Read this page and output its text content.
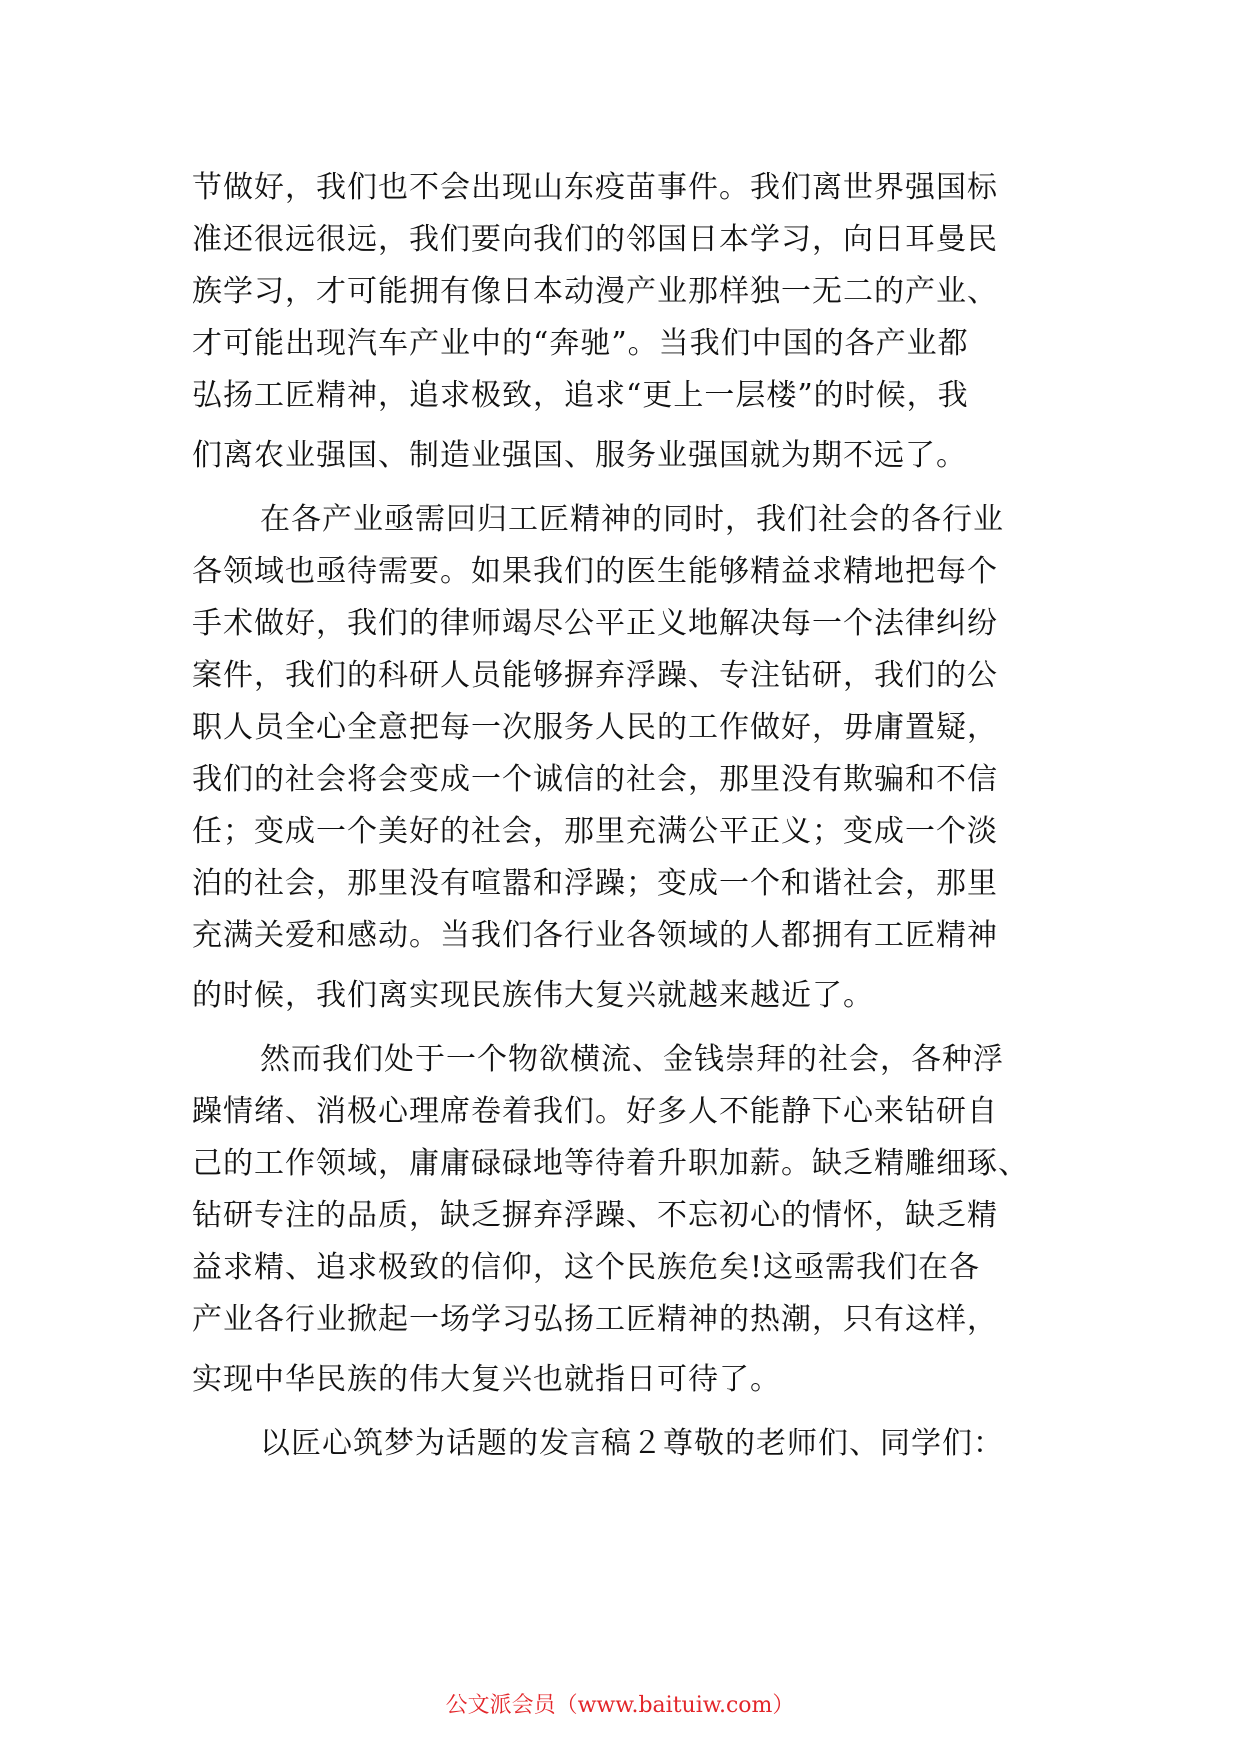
节做好，我们也不会出现山东疫苗事件。我们离世界强国标
准还很远很远，我们要向我们的邻国日本学习，向日耳曼民
族学习，才可能拥有像日本动漫产业那样独一无二的产业、
才可能出现汽车产业中的“奔驰”。当我们中国的各产业都
弘扬工匠精神，追求极致，追求“更上一层楼”的时候，我
们离农业强国、制造业强国、服务业强国就为期不远了。
在各产业亟需回归工匠精神的同时，我们社会的各行业
各领域也亟待需要。如果我们的医生能够精益求精地把每个
手术做好，我们的律师竭尽公平正义地解决每一个法律纠纷
案件，我们的科研人员能够摒弃浮躁、专注钻研，我们的公
职人员全心全意把每一次服务人民的工作做好，毋庸置疑，
我们的社会将会变成一个诚信的社会，那里没有欺骗和不信
任；变成一个美好的社会，那里充满公平正义；变成一个淡
泊的社会，那里没有喧嚣和浮躁；变成一个和谐社会，那里
充满关爱和感动。当我们各行业各领域的人都拥有工匠精神
的时候，我们离实现民族伟大复兴就越来越近了。
然而我们处于一个物欲横流、金钱崇拜的社会，各种浮
躁情绪、消极心理席卷着我们。好多人不能静下心来钻研自
己的工作领域，庸庸碌碌地等待着升职加薪。缺乏精雕细琢、
钻研专注的品质，缺乏摒弃浮躁、不忘初心的情怀，缺乏精
益求精、追求极致的信仰，这个民族危矣!这亟需我们在各
产业各行业掀起一场学习弘扬工匠精神的热潮，只有这样，
实现中华民族的伟大复兴也就指日可待了。
以匠心筑梦为话题的发言稿２尊敬的老师们、同学们：
公文派会员（www.baituiw.com）
